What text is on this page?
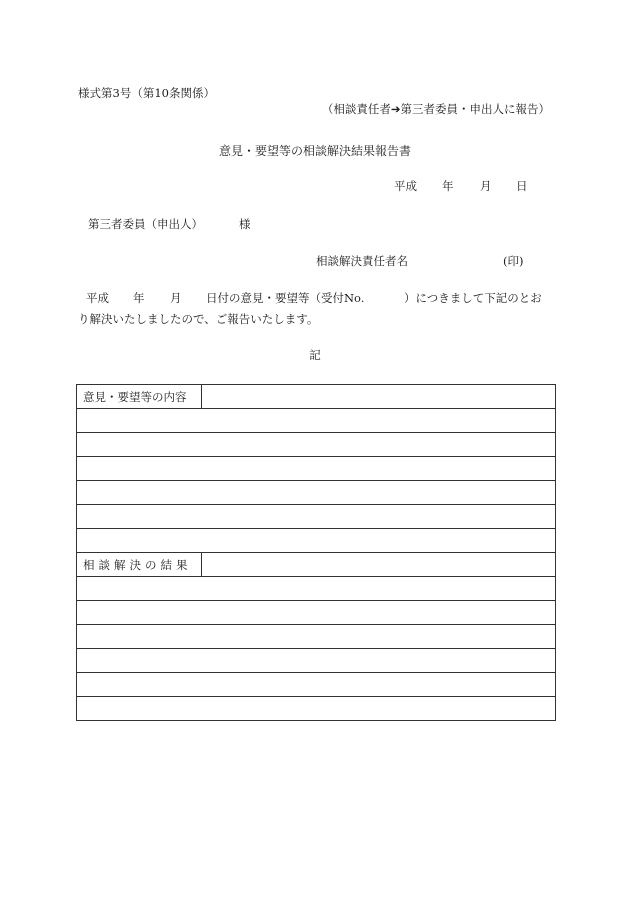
様式第3号（第10条関係）
（相談責任者➔第三者委員・申出人に報告）
意見・要望等の相談解決結果報告書
平成 年 月 日
第三者委員（申出人）	様
相談解決責任者名	(印)
平成 年 月 日付の意見・要望等（受付No.	）につきまして下記のとお
り解決いたしましたので、ご報告いたします。
記
意見・要望等の内容	

相談解決の結果	
